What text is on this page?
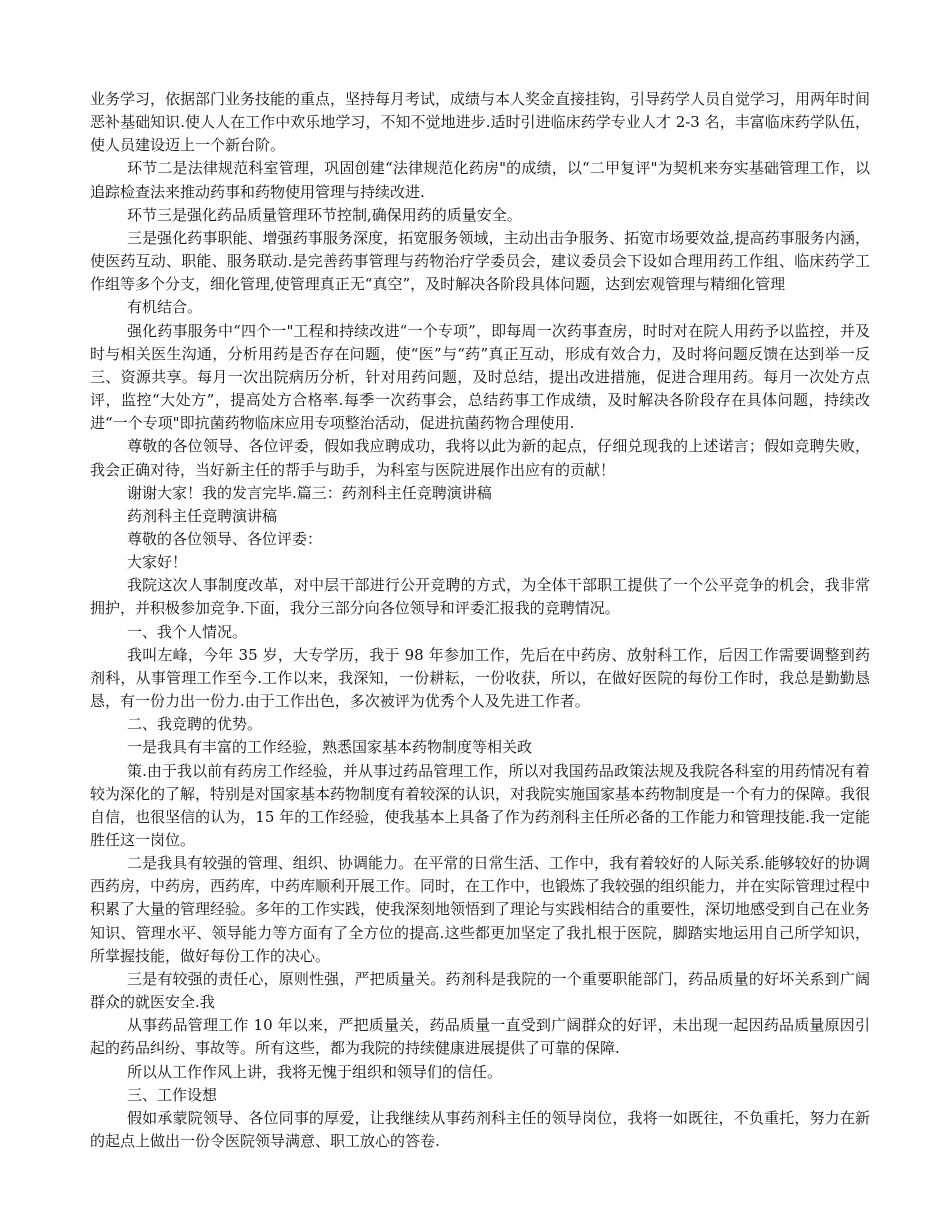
业务学习，依据部门业务技能的重点，坚持每月考试，成绩与本人奖金直接挂钩，引导药学人员自觉学习，用两年时间恶补基础知识.使人人在工作中欢乐地学习，不知不觉地进步.适时引进临床药学专业人才 2-3 名，丰富临床药学队伍，使人员建设迈上一个新台阶。

环节二是法律规范科室管理，巩固创建“法律规范化药房"的成绩，以“二甲复评"为契机来夯实基础管理工作，以追踪检查法来推动药事和药物使用管理与持续改进.

环节三是强化药品质量管理环节控制,确保用药的质量安全。

三是强化药事职能、增强药事服务深度，拓宽服务领域，主动出击争服务、拓宽市场要效益,提高药事服务内涵，使医药互动、职能、服务联动.是完善药事管理与药物治疗学委员会，建议委员会下设如合理用药工作组、临床药学工作组等多个分支，细化管理,使管理真正无“真空”，及时解决各阶段具体问题，达到宏观管理与精细化管理

有机结合。

强化药事服务中“四个一"工程和持续改进“一个专项”，即每周一次药事查房，时时对在院人用药予以监控，并及时与相关医生沟通，分析用药是否存在问题，使“医”与“药”真正互动，形成有效合力，及时将问题反馈在达到举一反三、资源共享。每月一次出院病历分析，针对用药问题，及时总结，提出改进措施，促进合理用药。每月一次处方点评，监控“大处方”，提高处方合格率.每季一次药事会，总结药事工作成绩，及时解决各阶段存在具体问题，持续改进“一个专项"即抗菌药物临床应用专项整治活动，促进抗菌药物合理使用.

尊敬的各位领导、各位评委，假如我应聘成功，我将以此为新的起点，仔细兑现我的上述诺言；假如竞聘失败，我会正确对待，当好新主任的帮手与助手，为科室与医院进展作出应有的贡献！

谢谢大家！我的发言完毕.篇三：药剂科主任竞聘演讲稿

药剂科主任竞聘演讲稿

尊敬的各位领导、各位评委：

大家好！

我院这次人事制度改革，对中层干部进行公开竞聘的方式，为全体干部职工提供了一个公平竞争的机会，我非常拥护，并积极参加竞争.下面，我分三部分向各位领导和评委汇报我的竞聘情况。

一、我个人情况。

我叫左峰，今年 35 岁，大专学历，我于 98 年参加工作，先后在中药房、放射科工作，后因工作需要调整到药剂科，从事管理工作至今.工作以来，我深知，一份耕耘，一份收获，所以，在做好医院的每份工作时，我总是勤勤恳恳，有一份力出一份力.由于工作出色，多次被评为优秀个人及先进工作者。

二、我竞聘的优势。

一是我具有丰富的工作经验，熟悉国家基本药物制度等相关政

策.由于我以前有药房工作经验，并从事过药品管理工作，所以对我国药品政策法规及我院各科室的用药情况有着较为深化的了解，特别是对国家基本药物制度有着较深的认识，对我院实施国家基本药物制度是一个有力的保障。我很自信，也很坚信的认为，15 年的工作经验，使我基本上具备了作为药剂科主任所必备的工作能力和管理技能.我一定能胜任这一岗位。

二是我具有较强的管理、组织、协调能力。在平常的日常生活、工作中，我有着较好的人际关系.能够较好的协调西药房，中药房，西药库，中药库顺利开展工作。同时，在工作中，也锻炼了我较强的组织能力，并在实际管理过程中积累了大量的管理经验。多年的工作实践，使我深刻地领悟到了理论与实践相结合的重要性，深切地感受到自己在业务知识、管理水平、领导能力等方面有了全方位的提高.这些都更加坚定了我扎根于医院，脚踏实地运用自己所学知识，所掌握技能，做好每份工作的决心。

三是有较强的责任心，原则性强，严把质量关。药剂科是我院的一个重要职能部门，药品质量的好坏关系到广阔群众的就医安全.我

从事药品管理工作 10 年以来，严把质量关，药品质量一直受到广阔群众的好评，未出现一起因药品质量原因引起的药品纠纷、事故等。所有这些，都为我院的持续健康进展提供了可靠的保障.

所以从工作作风上讲，我将无愧于组织和领导们的信任。

三、工作设想

假如承蒙院领导、各位同事的厚爱，让我继续从事药剂科主任的领导岗位，我将一如既往，不负重托，努力在新的起点上做出一份令医院领导满意、职工放心的答卷.
